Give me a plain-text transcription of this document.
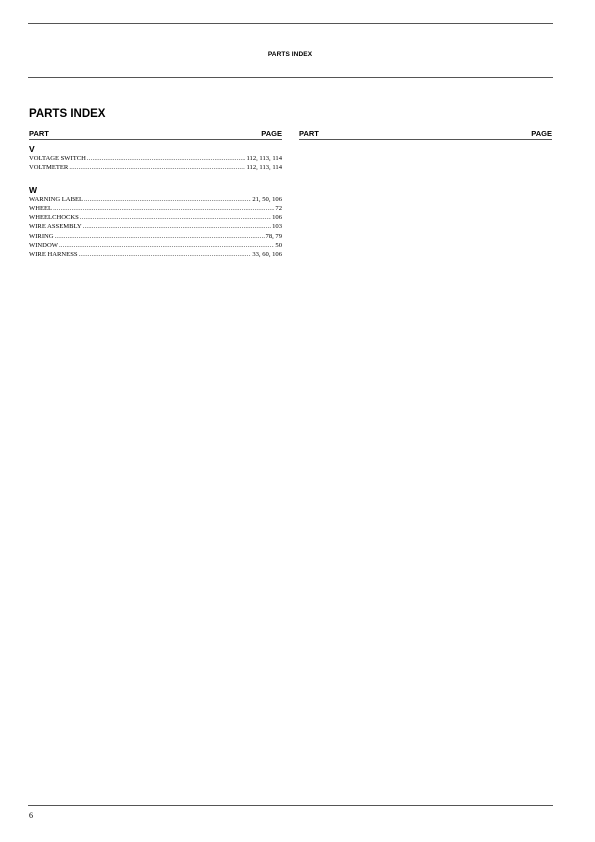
PARTS INDEX
PARTS INDEX
PART	PAGE
V
VOLTAGE SWITCH .....	112, 113, 114
VOLTMETER .....	112, 113, 114
W
WARNING LABEL .....	21, 50, 106
WHEEL .....	72
WHEELCHOCKS .....	106
WIRE ASSEMBLY .....	103
WIRING .....	78, 79
WINDOW .....	50
WIRE HARNESS .....	33, 60, 106
PART	PAGE
6
